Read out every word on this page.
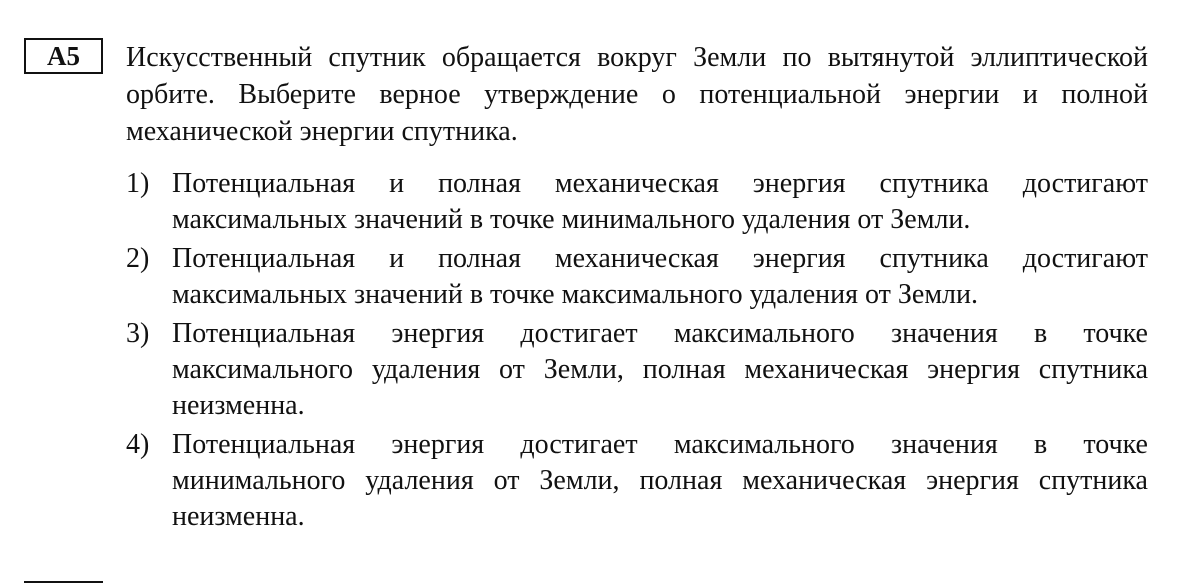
А5	Искусственный спутник обращается вокруг Земли по вытянутой эллиптической орбите. Выберите верное утверждение о потенциальной энергии и полной механической энергии спутника.

1) Потенциальная и полная механическая энергия спутника достигают максимальных значений в точке минимального удаления от Земли.
2) Потенциальная и полная механическая энергия спутника достигают максимальных значений в точке максимального удаления от Земли.
3) Потенциальная энергия достигает максимального значения в точке максимального удаления от Земли, полная механическая энергия спутника неизменна.
4) Потенциальная энергия достигает максимального значения в точке минимального удаления от Земли, полная механическая энергия спутника неизменна.
